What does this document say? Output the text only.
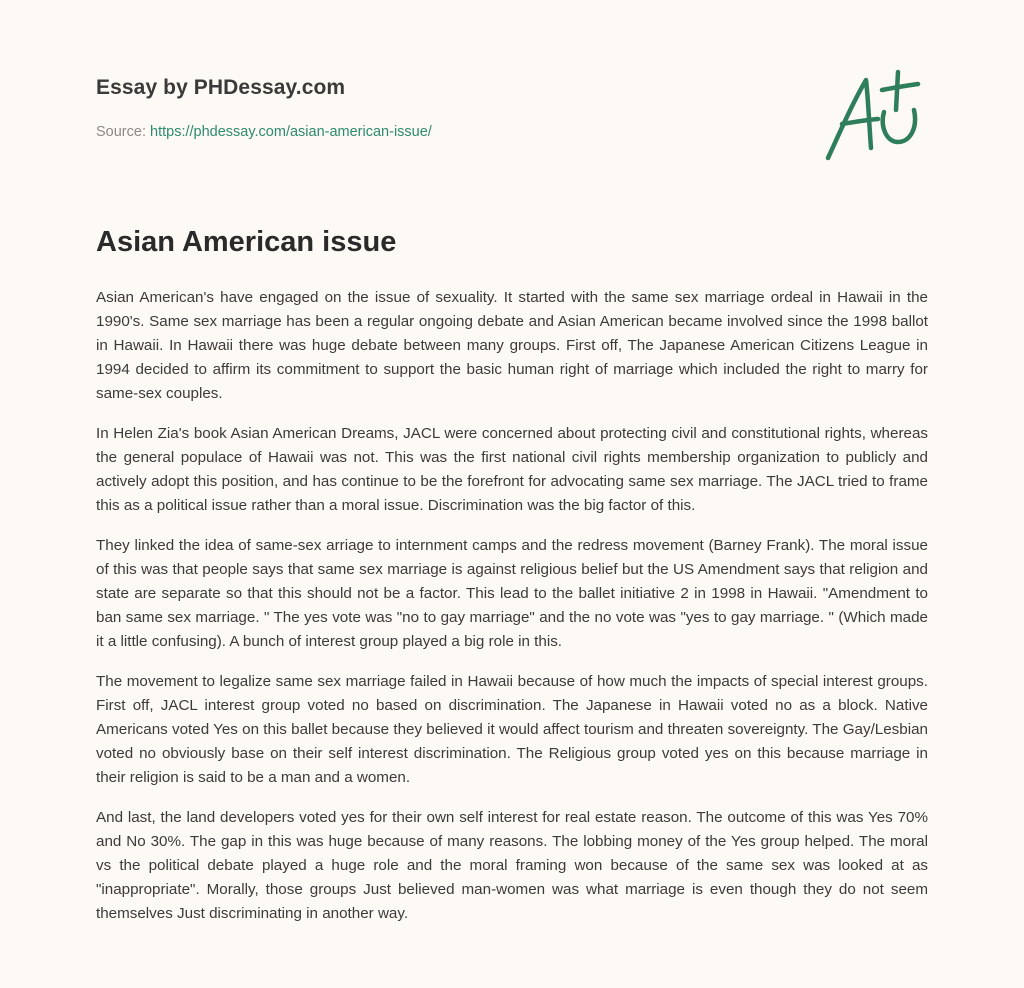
Essay by PHDessay.com
Source: https://phdessay.com/asian-american-issue/
Asian American issue

Asian American's have engaged on the issue of sexuality. It started with the same sex marriage ordeal in Hawaii in the 1990's. Same sex marriage has been a regular ongoing debate and Asian American became involved since the 1998 ballot in Hawaii. In Hawaii there was huge debate between many groups. First off, The Japanese American Citizens League in 1994 decided to affirm its commitment to support the basic human right of marriage which included the right to marry for same-sex couples.

In Helen Zia's book Asian American Dreams, JACL were concerned about protecting civil and constitutional rights, whereas the general populace of Hawaii was not. This was the first national civil rights membership organization to publicly and actively adopt this position, and has continue to be the forefront for advocating same sex marriage. The JACL tried to frame this as a political issue rather than a moral issue. Discrimination was the big factor of this.

They linked the idea of same-sex arriage to internment camps and the redress movement (Barney Frank). The moral issue of this was that people says that same sex marriage is against religious belief but the US Amendment says that religion and state are separate so that this should not be a factor. This lead to the ballet initiative 2 in 1998 in Hawaii. "Amendment to ban same sex marriage. " The yes vote was "no to gay marriage" and the no vote was "yes to gay marriage. " (Which made it a little confusing). A bunch of interest group played a big role in this.

The movement to legalize same sex marriage failed in Hawaii because of how much the impacts of special interest groups. First off, JACL interest group voted no based on discrimination. The Japanese in Hawaii voted no as a block. Native Americans voted Yes on this ballet because they believed it would affect tourism and threaten sovereignty. The Gay/Lesbian voted no obviously base on their self interest discrimination. The Religious group voted yes on this because marriage in their religion is said to be a man and a women.

And last, the land developers voted yes for their own self interest for real estate reason. The outcome of this was Yes 70% and No 30%. The gap in this was huge because of many reasons. The lobbing money of the Yes group helped. The moral vs the political debate played a huge role and the moral framing won because of the same sex was looked at as "inappropriate". Morally, those groups Just believed man-women was what marriage is even though they do not seem themselves Just discriminating in another way.
